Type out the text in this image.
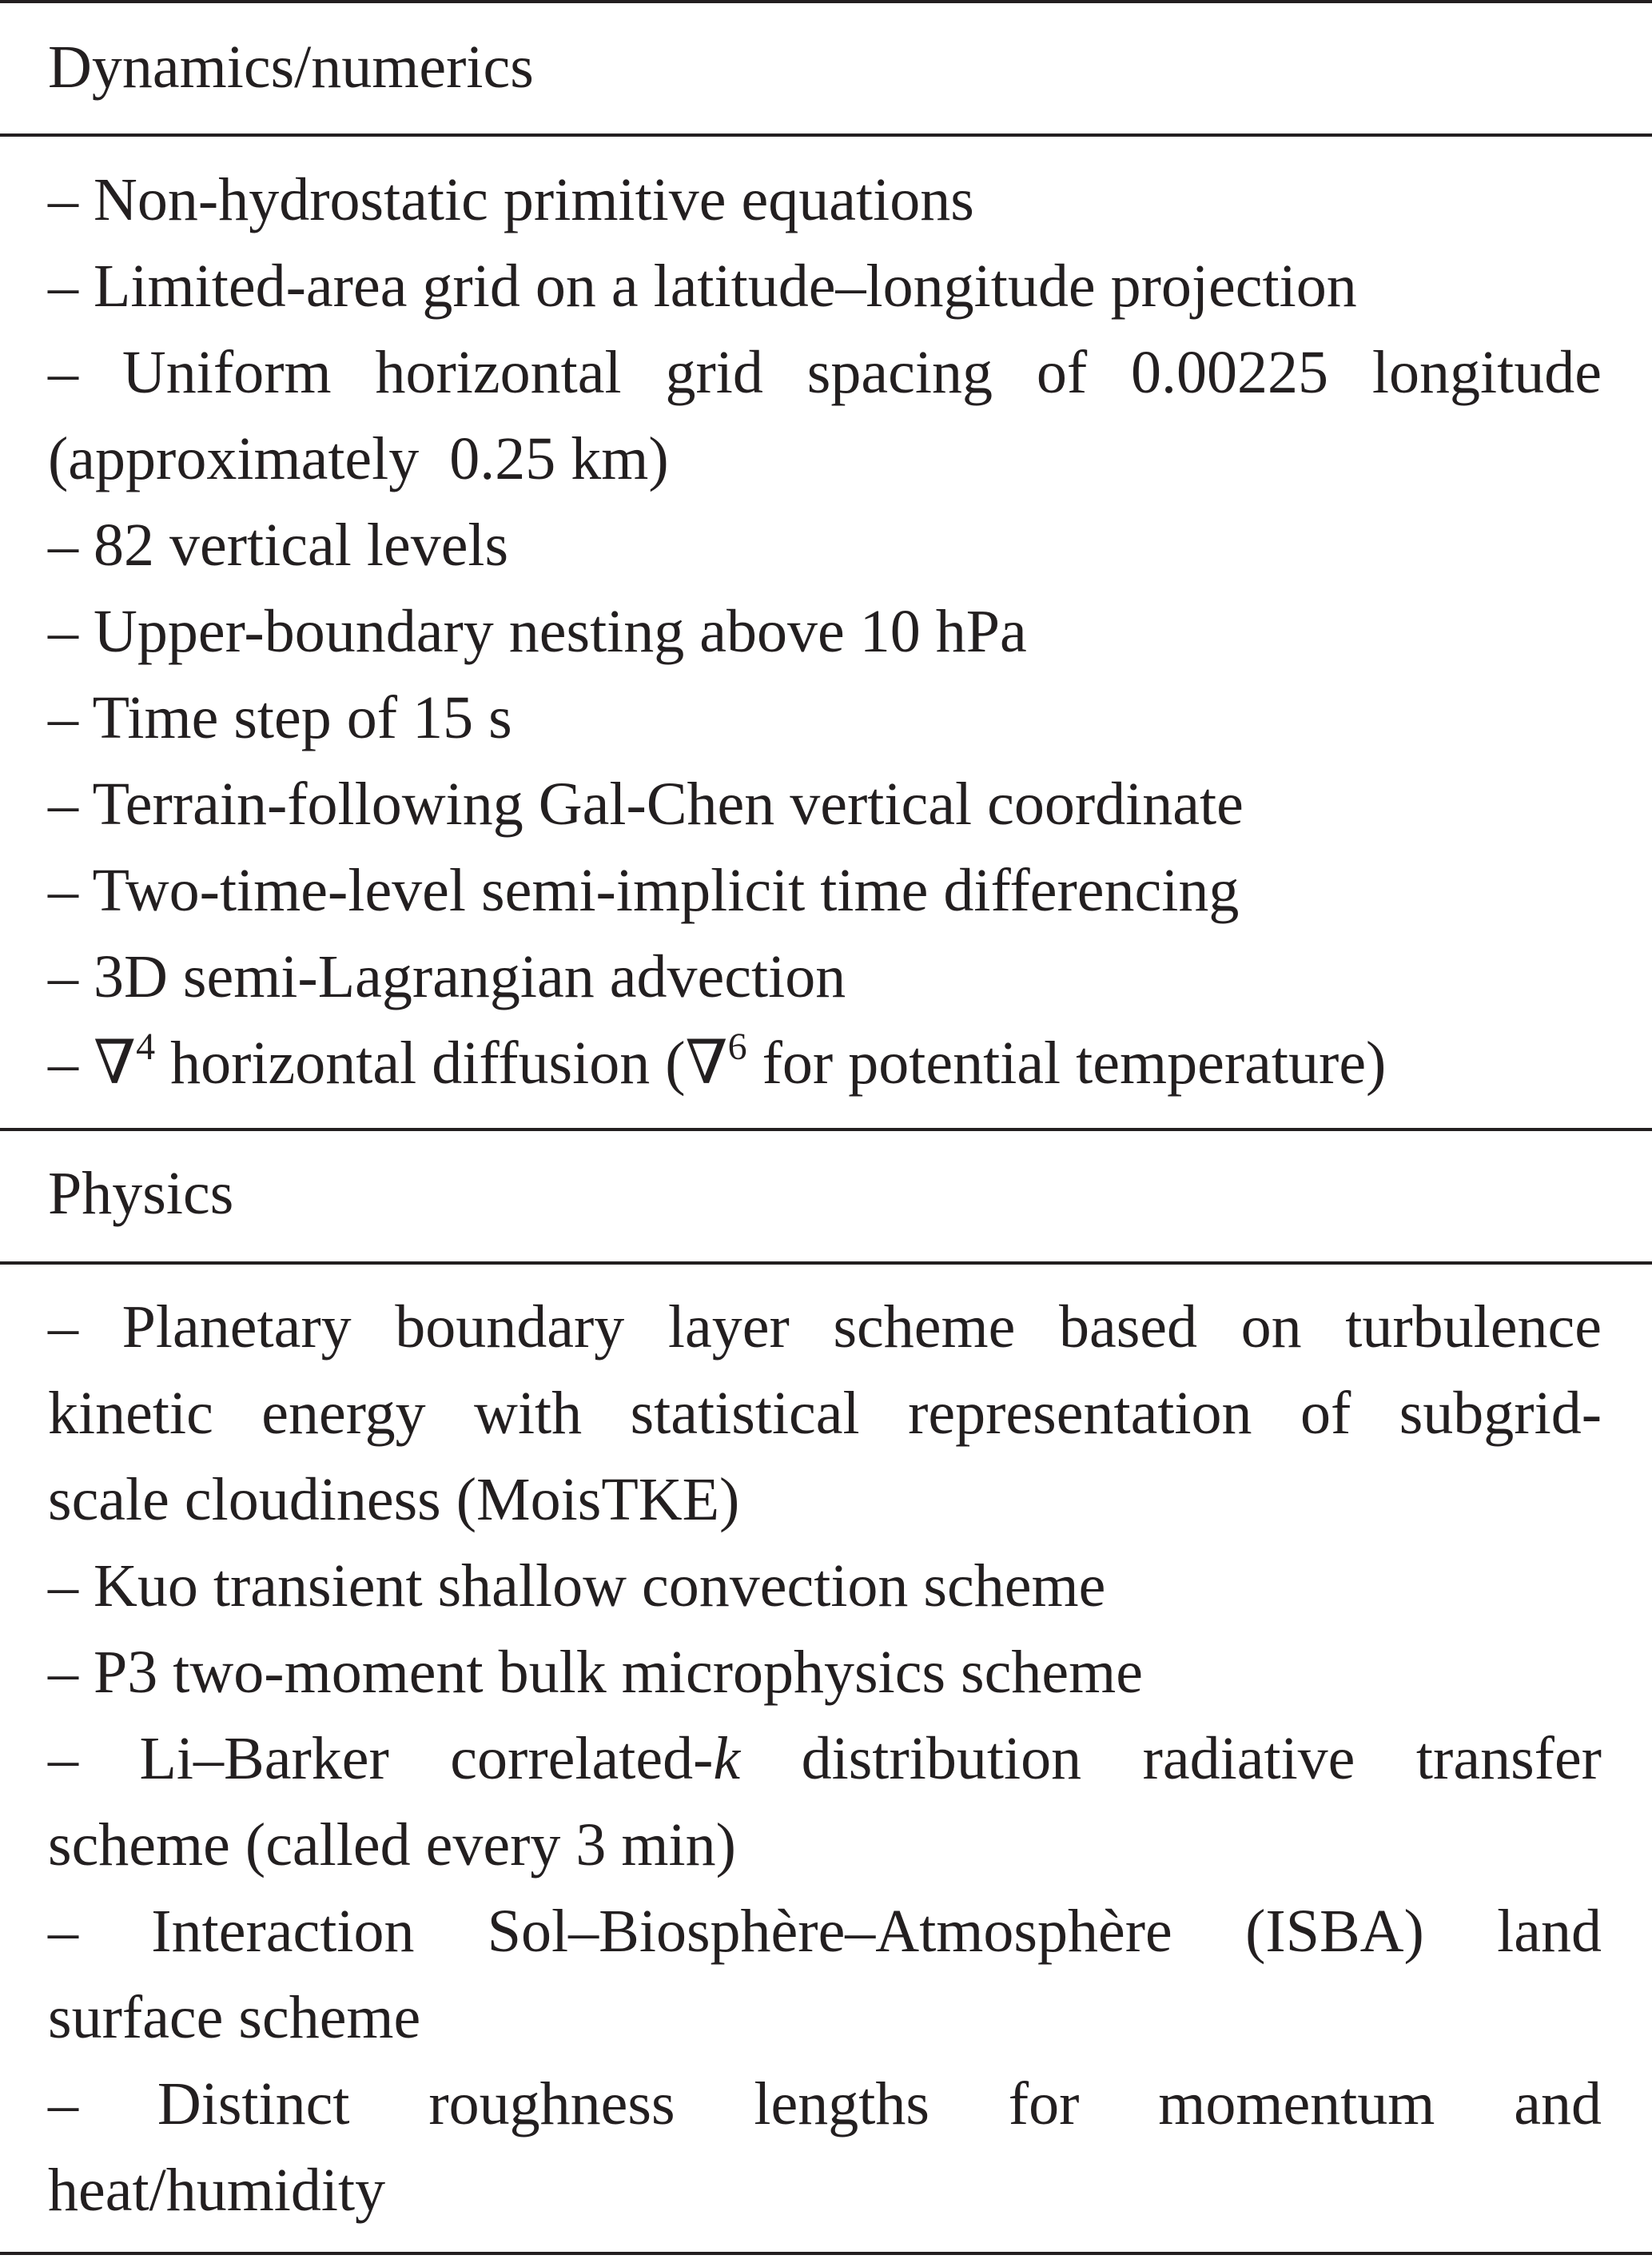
Dynamics/numerics
– Non-hydrostatic primitive equations
– Limited-area grid on a latitude–longitude projection
– Uniform horizontal grid spacing of 0.00225 longitude
(approximately  0.25 km)
– 82 vertical levels
– Upper-boundary nesting above 10 hPa
– Time step of 15 s
– Terrain-following Gal-Chen vertical coordinate
– Two-time-level semi-implicit time differencing
– 3D semi-Lagrangian advection
– ∇$^4$ horizontal diffusion (∇$^6$ for potential temperature)
Physics
– Planetary boundary layer scheme based on turbulence
kinetic energy with statistical representation of subgrid-
scale cloudiness (MoisTKE)
– Kuo transient shallow convection scheme
– P3 two-moment bulk microphysics scheme
– Li–Barker correlated-k distribution radiative transfer
scheme (called every 3 min)
– Interaction Sol–Biosphère–Atmosphère (ISBA) land
surface scheme
– Distinct roughness lengths for momentum and
heat/humidity
